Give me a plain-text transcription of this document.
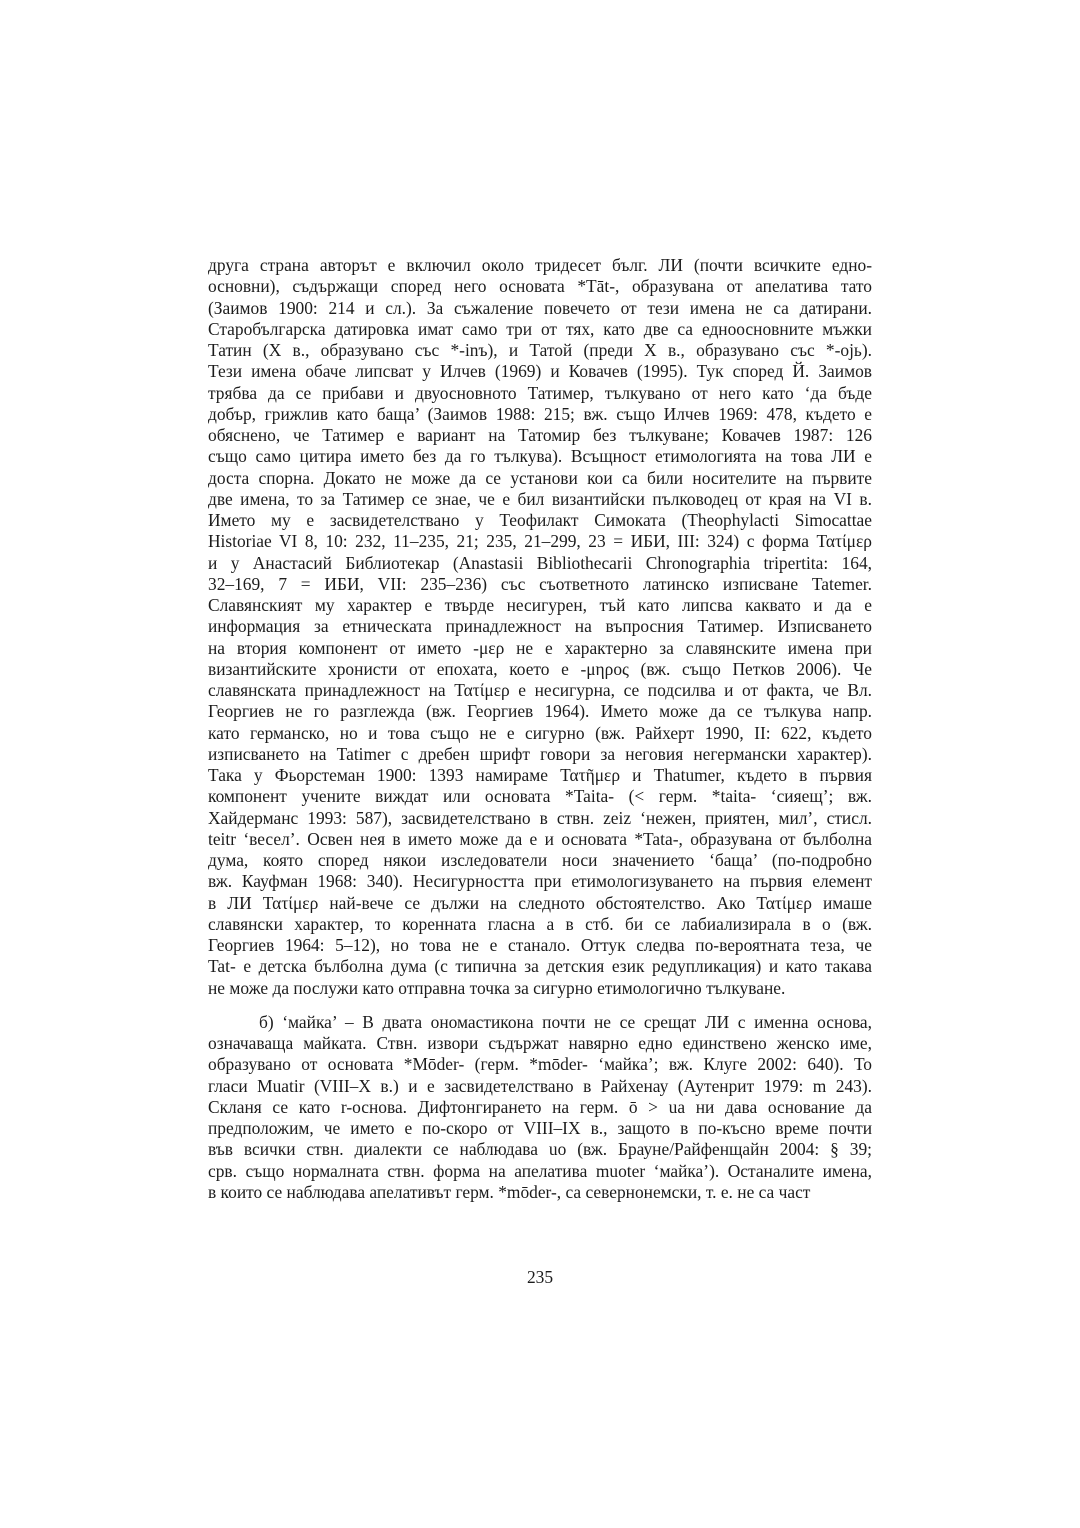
друга страна авторът е включил около тридесет бълг. ЛИ (почти всичките едно-
основни), съдържащи според него основата *Tāt-, образувана от апелатива тато
(Заимов 1900: 214 и сл.). За съжаление повечето от тези имена не са датирани.
Старобългарска датировка имат само три от тях, като две са едноосновните мъжки
Татин (Х в., образувано със *-inъ), и Татой (преди Х в., образувано със *-ojь).
Тези имена обаче липсват у Илчев (1969) и Ковачев (1995). Тук според Й. Заимов
трябва да се прибави и двуосновното Татимер, тълкувано от него като ‘да бъде
добър, грижлив като баща’ (Заимов 1988: 215; вж. също Илчев 1969: 478, където е
обяснено, че Татимер е вариант на Татомир без тълкуване; Ковачев 1987: 126
също само цитира името без да го тълкува). Всъщност етимологията на това ЛИ е
доста спорна. Докато не може да се установи кои са били носителите на първите
две имена, то за Татимер се знае, че е бил византийски пълководец от края на VI в.
Името му е засвидетелствано у Теофилакт Симоката (Theophylacti Simocattae
Historiae VI 8, 10: 232, 11–235, 21; 235, 21–299, 23 = ИБИ, III: 324) с форма Τατίμερ
и у Анастасий Библиотекар (Anastasii Bibliothecarii Chronographia tripertita: 164,
32–169, 7 = ИБИ, VII: 235–236) със съответното латинско изписване Tatemer.
Славянският му характер е твърде несигурен, тъй като липсва каквато и да е
информация за етническата принадлежност на въпросния Татимер. Изписването
на втория компонент от името -μερ не е характерно за славянските имена при
византийските хронисти от епохата, което е -μηρος (вж. също Петков 2006). Че
славянската принадлежност на Τατίμερ е несигурна, се подсилва и от факта, че Вл.
Георгиев не го разглежда (вж. Георгиев 1964). Името може да се тълкува напр.
като германско, но и това също не е сигурно (вж. Райхерт 1990, II: 622, където
изписването на Tatimer с дребен шрифт говори за неговия негермански характер).
Така у Фьорстеман 1900: 1393 намираме Τατῆμερ и Thatumer, където в първия
компонент учените виждат или основата *Taita- (< герм. *taita- ‘сияещ’; вж.
Хайдерманс 1993: 587), засвидетелствано в ствн. zeiz ‘нежен, приятен, мил’, стисл.
teitr ‘весел’. Освен нея в името може да е и основата *Tata-, образувана от бълболна
дума, която според някои изследователи носи значението ‘баща’ (по-подробно
вж. Кауфман 1968: 340). Несигурността при етимологизуването на първия елемент
в ЛИ Τατίμερ най-вече се дължи на следното обстоятелство. Ако Τατίμερ имаше
славянски характер, то коренната гласна а в стб. би се лабиализирала в о (вж.
Георгиев 1964: 5–12), но това не е станало. Оттук следва по-вероятната теза, че
Tat- е детска бълболна дума (с типична за детския език редупликация) и като такава
не може да послужи като отправна точка за сигурно етимологично тълкуване.
б) ‘майка’ – В двата ономастикона почти не се срещат ЛИ с именна основа,
означаваща майката. Ствн. извори съдържат навярно едно единствено женско име,
образувано от основата *Mōder- (герм. *mōder- ‘майка’; вж. Клуге 2002: 640). То
гласи Muatir (VIII–X в.) и е засвидетелствано в Райхенау (Аутенрит 1979: m 243).
Скланя се като r-основа. Дифтонгирането на герм. ō > ua ни дава основание да
предположим, че името е по-скоро от VIII–IX в., защото в по-късно време почти
във всички ствн. диалекти се наблюдава uo (вж. Брауне/Райфенщайн 2004: § 39;
срв. също нормалната ствн. форма на апелатива muoter ‘майка’). Останалите имена,
в които се наблюдава апелативът герм. *mōder-, са севернонемски, т. е. не са част
235
